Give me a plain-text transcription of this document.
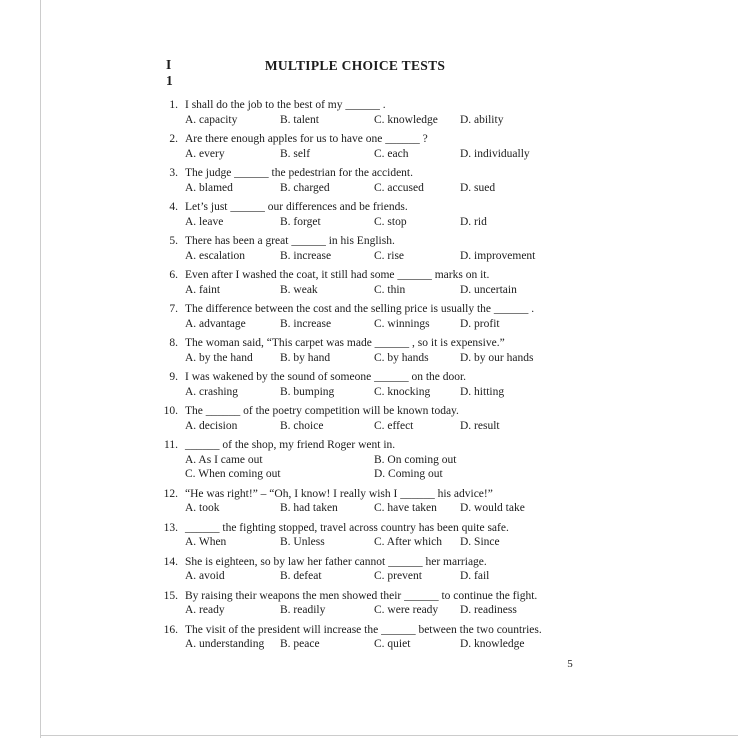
I
1
MULTIPLE CHOICE TESTS
1. I shall do the job to the best of my ______ .
A. capacity	B. talent	C. knowledge	D. ability
2. Are there enough apples for us to have one ______ ?
A. every	B. self	C. each	D. individually
3. The judge ______ the pedestrian for the accident.
A. blamed	B. charged	C. accused	D. sued
4. Let’s just ______ our differences and be friends.
A. leave	B. forget	C. stop	D. rid
5. There has been a great ______ in his English.
A. escalation	B. increase	C. rise	D. improvement
6. Even after I washed the coat, it still had some ______ marks on it.
A. faint	B. weak	C. thin	D. uncertain
7. The difference between the cost and the selling price is usually the ______ .
A. advantage	B. increase	C. winnings	D. profit
8. The woman said, “This carpet was made ______ , so it is expensive.”
A. by the hand	B. by hand	C. by hands	D. by our hands
9. I was wakened by the sound of someone ______ on the door.
A. crashing	B. bumping	C. knocking	D. hitting
10. The ______ of the poetry competition will be known today.
A. decision	B. choice	C. effect	D. result
11. ______ of the shop, my friend Roger went in.
A. As I came out	B. On coming out
C. When coming out	D. Coming out
12. “He was right!” – “Oh, I know! I really wish I ______ his advice!”
A. took	B. had taken	C. have taken	D. would take
13. ______ the fighting stopped, travel across country has been quite safe.
A. When	B. Unless	C. After which	D. Since
14. She is eighteen, so by law her father cannot ______ her marriage.
A. avoid	B. defeat	C. prevent	D. fail
15. By raising their weapons the men showed their ______ to continue the fight.
A. ready	B. readily	C. were ready	D. readiness
16. The visit of the president will increase the ______ between the two countries.
A. understanding	B. peace	C. quiet	D. knowledge
5
